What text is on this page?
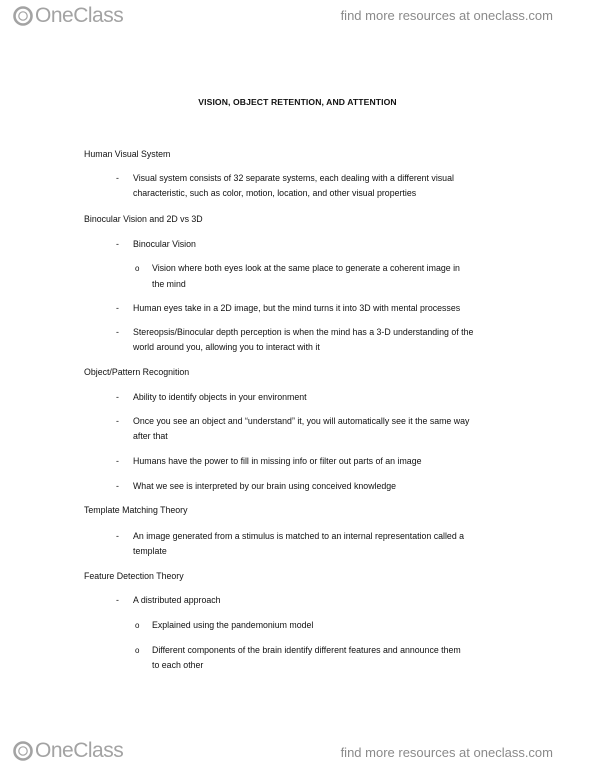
OneClass	find more resources at oneclass.com
VISION, OBJECT RETENTION, AND ATTENTION
Human Visual System
- Visual system consists of 32 separate systems, each dealing with a different visual
characteristic, such as color, motion, location, and other visual properties
Binocular Vision and 2D vs 3D
- Binocular Vision
o Vision where both eyes look at the same place to generate a coherent image in
the mind
- Human eyes take in a 2D image, but the mind turns it into 3D with mental processes
- Stereopsis/Binocular depth perception is when the mind has a 3-D understanding of the
world around you, allowing you to interact with it
Object/Pattern Recognition
- Ability to identify objects in your environment
- Once you see an object and “understand” it, you will automatically see it the same way
after that
- Humans have the power to fill in missing info or filter out parts of an image
- What we see is interpreted by our brain using conceived knowledge
Template Matching Theory
- An image generated from a stimulus is matched to an internal representation called a
template
Feature Detection Theory
- A distributed approach
o Explained using the pandemonium model
o Different components of the brain identify different features and announce them
to each other
OneClass	find more resources at oneclass.com
